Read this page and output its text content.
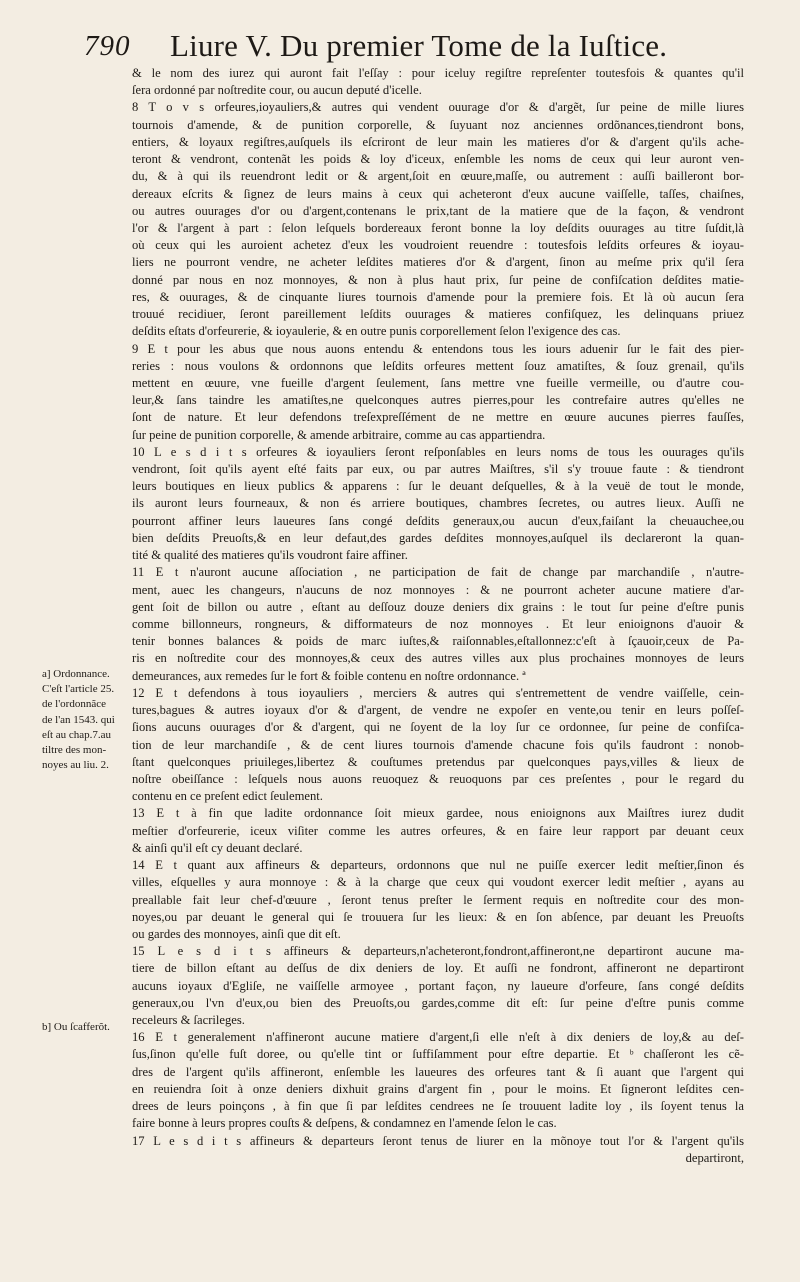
790 Liure V. Du premier Tome de la Iuſtice.
& le nom des iurez qui auront fait l'eſſay : pour iceluy regiſtre repreſenter toutesfois & quantes qu'il
ſera ordonné par noſtredite cour, ou aucun deputé d'icelle.
8 T o v s orfeures,ioyauliers,& autres qui vendent ouurage d'or & d'argẽt, ſur peine de mille liures
tournois d'amende, & de punition corporelle, & ſuyuant noz anciennes ordõnances,tiendront bons,
entiers, & loyaux regiſtres,auſquels ils eſcriront de leur main les matieres d'or & d'argent qu'ils ache-
teront & vendront, contenãt les poids & loy d'iceux, enſemble les noms de ceux qui leur auront ven-
du, & à qui ils reuendront ledit or & argent,ſoit en œuure,maſſe, ou autrement : auſſi bailleront bor-
dereaux eſcrits & ſignez de leurs mains à ceux qui acheteront d'eux aucune vaiſſelle, taſſes, chaiſnes,
ou autres ouurages d'or ou d'argent,contenans le prix,tant de la matiere que de la façon, & vendront
l'or & l'argent à part : ſelon leſquels bordereaux feront bonne la loy deſdits ouurages au titre ſuſdit,là
où ceux qui les auroient achetez d'eux les voudroient reuendre : toutesfois leſdits orfeures & ioyau-
liers ne pourront vendre, ne acheter leſdites matieres d'or & d'argent, ſinon au meſme prix qu'il ſera
donné par nous en noz monnoyes, & non à plus haut prix, ſur peine de confiſcation deſdites matie-
res, & ouurages, & de cinquante liures tournois d'amende pour la premiere fois. Et là où aucun ſera
trouué recidiuer, ſeront pareillement leſdits ouurages & matieres confiſquez, les delinquans priuez
deſdits eſtats d'orfeurerie, & ioyaulerie, & en outre punis corporellement ſelon l'exigence des cas.
9 E t pour les abus que nous auons entendu & entendons tous les iours aduenir ſur le fait des pier-
reries : nous voulons & ordonnons que leſdits orfeures mettent ſouz amatiſtes, & ſouz grenail, qu'ils
mettent en œuure, vne fueille d'argent ſeulement, ſans mettre vne fueille vermeille, ou d'autre cou-
leur,& ſans taindre les amatiſtes,ne quelconques autres pierres,pour les contrefaire autres qu'elles ne
ſont de nature. Et leur defendons treſexpreſſément de ne mettre en œuure aucunes pierres fauſſes,
ſur peine de punition corporelle, & amende arbitraire, comme au cas appartiendra.
10 L e s d i t s orfeures & ioyauliers ſeront reſponſables en leurs noms de tous les ouurages qu'ils
vendront, ſoit qu'ils ayent eſté faits par eux, ou par autres Maiſtres, s'il s'y trouue faute : & tiendront
leurs boutiques en lieux publics & apparens : ſur le deuant deſquelles, & à la veuë de tout le monde,
ils auront leurs fourneaux, & non és arriere boutiques, chambres ſecretes, ou autres lieux. Auſſi ne
pourront affiner leurs laueures ſans congé deſdits generaux,ou aucun d'eux,faiſant la cheuauchee,ou
bien deſdits Preuoſts,& en leur defaut,des gardes deſdites monnoyes,auſquel ils declareront la quan-
tité & qualité des matieres qu'ils voudront faire affiner.
11 E t n'auront aucune aſſociation , ne participation de fait de change par marchandiſe , n'autre-
ment, auec les changeurs, n'aucuns de noz monnoyes : & ne pourront acheter aucune matiere d'ar-
gent ſoit de billon ou autre , eſtant au deſſouz douze deniers dix grains : le tout ſur peine d'eſtre punis
comme billonneurs, rongneurs, & difformateurs de noz monnoyes . Et leur enioignons d'auoir &
tenir bonnes balances & poids de marc iuſtes,& raiſonnables,eſtallonnez:c'eſt à ſçauoir,ceux de Pa-
ris en noſtredite cour des monnoyes,& ceux des autres villes aux plus prochaines monnoyes de leurs
demeurances, aux remedes ſur le fort & foible contenu en noſtre ordonnance. ª
12 E t defendons à tous ioyauliers , merciers & autres qui s'entremettent de vendre vaiſſelle, cein-
tures,bagues & autres ioyaux d'or & d'argent, de vendre ne expoſer en vente,ou tenir en leurs poſſeſ-
ſions aucuns ouurages d'or & d'argent, qui ne ſoyent de la loy ſur ce ordonnee, ſur peine de confiſca-
tion de leur marchandiſe , & de cent liures tournois d'amende chacune fois qu'ils faudront : nonob-
ſtant quelconques priuileges,libertez & couſtumes pretendus par quelconques pays,villes & lieux de
noſtre obeiſſance : leſquels nous auons reuoquez & reuoquons par ces preſentes , pour le regard du
contenu en ce preſent edict ſeulement.
13 E t à fin que ladite ordonnance ſoit mieux gardee, nous enioignons aux Maiſtres iurez dudit
meſtier d'orfeurerie, iceux viſiter comme les autres orfeures, & en faire leur rapport par deuant ceux
& ainſi qu'il eſt cy deuant declaré.
14 E t quant aux affineurs & departeurs, ordonnons que nul ne puiſſe exercer ledit meſtier,ſinon és
villes, eſquelles y aura monnoye : & à la charge que ceux qui voudont exercer ledit meſtier , ayans au
preallable fait leur chef-d'œuure , ſeront tenus preſter le ſerment requis en noſtredite cour des mon-
noyes,ou par deuant le general qui ſe trouuera ſur les lieux: & en ſon abſence, par deuant les Preuoſts
ou gardes des monnoyes, ainſi que dit eſt.
15 L e s d i t s affineurs & departeurs,n'acheteront,fondront,affineront,ne departiront aucune ma-
tiere de billon eſtant au deſſus de dix deniers de loy. Et auſſi ne fondront, affineront ne departiront
aucuns ioyaux d'Egliſe, ne vaiſſelle armoyee , portant façon, ny laueure d'orfeure, ſans congé deſdits
generaux,ou l'vn d'eux,ou bien des Preuoſts,ou gardes,comme dit eſt: ſur peine d'eſtre punis comme
receleurs & ſacrileges.
16 E t generalement n'affineront aucune matiere d'argent,ſi elle n'eſt à dix deniers de loy,& au deſ-
ſus,ſinon qu'elle fuſt doree, ou qu'elle tint or ſuffiſamment pour eſtre departie. Et ᵇ chaſſeront les cẽ-
dres de l'argent qu'ils affineront, enſemble les laueures des orfeures tant & ſi auant que l'argent qui
en reuiendra ſoit à onze deniers dixhuit grains d'argent fin , pour le moins. Et ſigneront leſdites cen-
drees de leurs poinçons , à fin que ſi par leſdites cendrees ne ſe trouuent ladite loy , ils ſoyent tenus la
faire bonne à leurs propres couſts & deſpens, & condamnez en l'amende ſelon le cas.
17 L e s d i t s affineurs & departeurs ſeront tenus de liurer en la mõnoye tout l'or & l'argent qu'ils
departiront,
a] Ordonnance.
C'eſt l'article 25.
de l'ordonnãce
de l'an 1543. qui
eſt au chap.7.au
tiltre des mon-
noyes au liu. 2.
b] Ou ſcafferõt.
